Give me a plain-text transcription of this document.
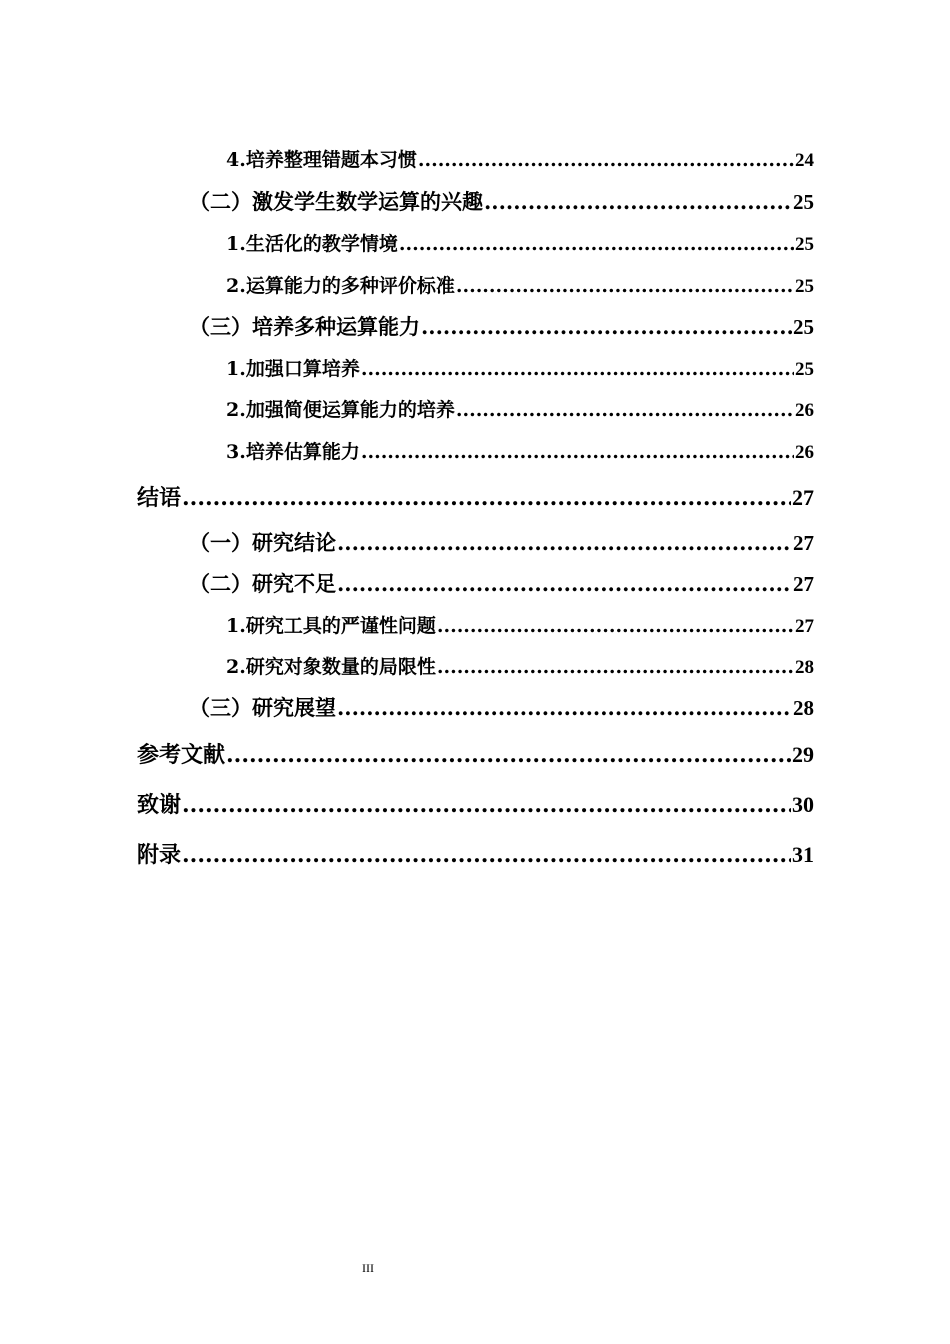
4.培养整理错题本习惯 .....	24
（二）激发学生数学运算的兴趣 .....	25
1.生活化的教学情境 .....	25
2.运算能力的多种评价标准 .....	25
（三）培养多种运算能力 .....	25
1.加强口算培养 .....	25
2.加强简便运算能力的培养 .....	26
3.培养估算能力 .....	26
结语 .....	27
（一）研究结论 .....	27
（二）研究不足 .....	27
1.研究工具的严谨性问题 .....	27
2.研究对象数量的局限性 .....	28
（三）研究展望 .....	28
参考文献 .....	29
致谢 .....	30
附录 .....	31
III
